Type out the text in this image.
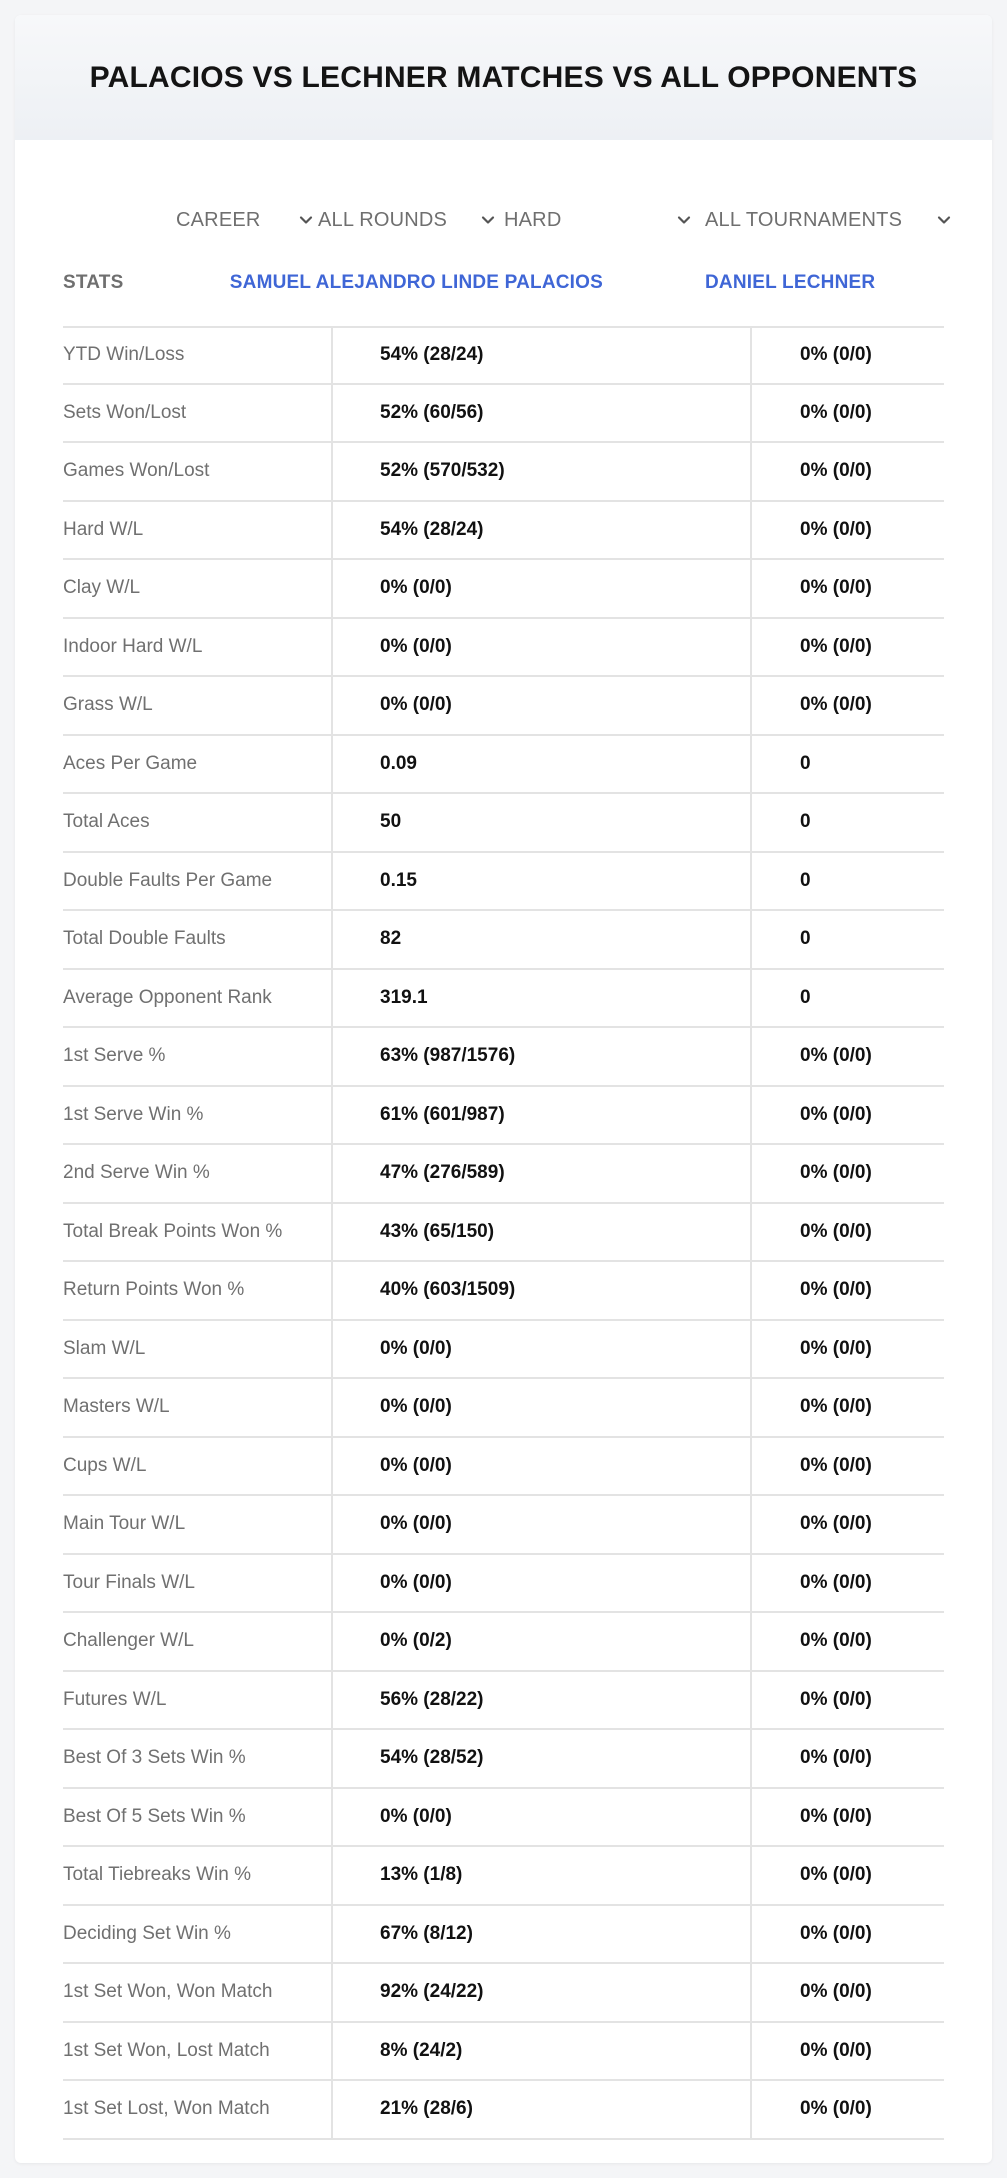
PALACIOS VS LECHNER MATCHES VS ALL OPPONENTS
CAREER	ALL ROUNDS	HARD	ALL TOURNAMENTS
STATS	SAMUEL ALEJANDRO LINDE PALACIOS	DANIEL LECHNER
YTD Win/Loss	54% (28/24)	0% (0/0)
Sets Won/Lost	52% (60/56)	0% (0/0)
Games Won/Lost	52% (570/532)	0% (0/0)
Hard W/L	54% (28/24)	0% (0/0)
Clay W/L	0% (0/0)	0% (0/0)
Indoor Hard W/L	0% (0/0)	0% (0/0)
Grass W/L	0% (0/0)	0% (0/0)
Aces Per Game	0.09	0
Total Aces	50	0
Double Faults Per Game	0.15	0
Total Double Faults	82	0
Average Opponent Rank	319.1	0
1st Serve %	63% (987/1576)	0% (0/0)
1st Serve Win %	61% (601/987)	0% (0/0)
2nd Serve Win %	47% (276/589)	0% (0/0)
Total Break Points Won %	43% (65/150)	0% (0/0)
Return Points Won %	40% (603/1509)	0% (0/0)
Slam W/L	0% (0/0)	0% (0/0)
Masters W/L	0% (0/0)	0% (0/0)
Cups W/L	0% (0/0)	0% (0/0)
Main Tour W/L	0% (0/0)	0% (0/0)
Tour Finals W/L	0% (0/0)	0% (0/0)
Challenger W/L	0% (0/2)	0% (0/0)
Futures W/L	56% (28/22)	0% (0/0)
Best Of 3 Sets Win %	54% (28/52)	0% (0/0)
Best Of 5 Sets Win %	0% (0/0)	0% (0/0)
Total Tiebreaks Win %	13% (1/8)	0% (0/0)
Deciding Set Win %	67% (8/12)	0% (0/0)
1st Set Won, Won Match	92% (24/22)	0% (0/0)
1st Set Won, Lost Match	8% (24/2)	0% (0/0)
1st Set Lost, Won Match	21% (28/6)	0% (0/0)
